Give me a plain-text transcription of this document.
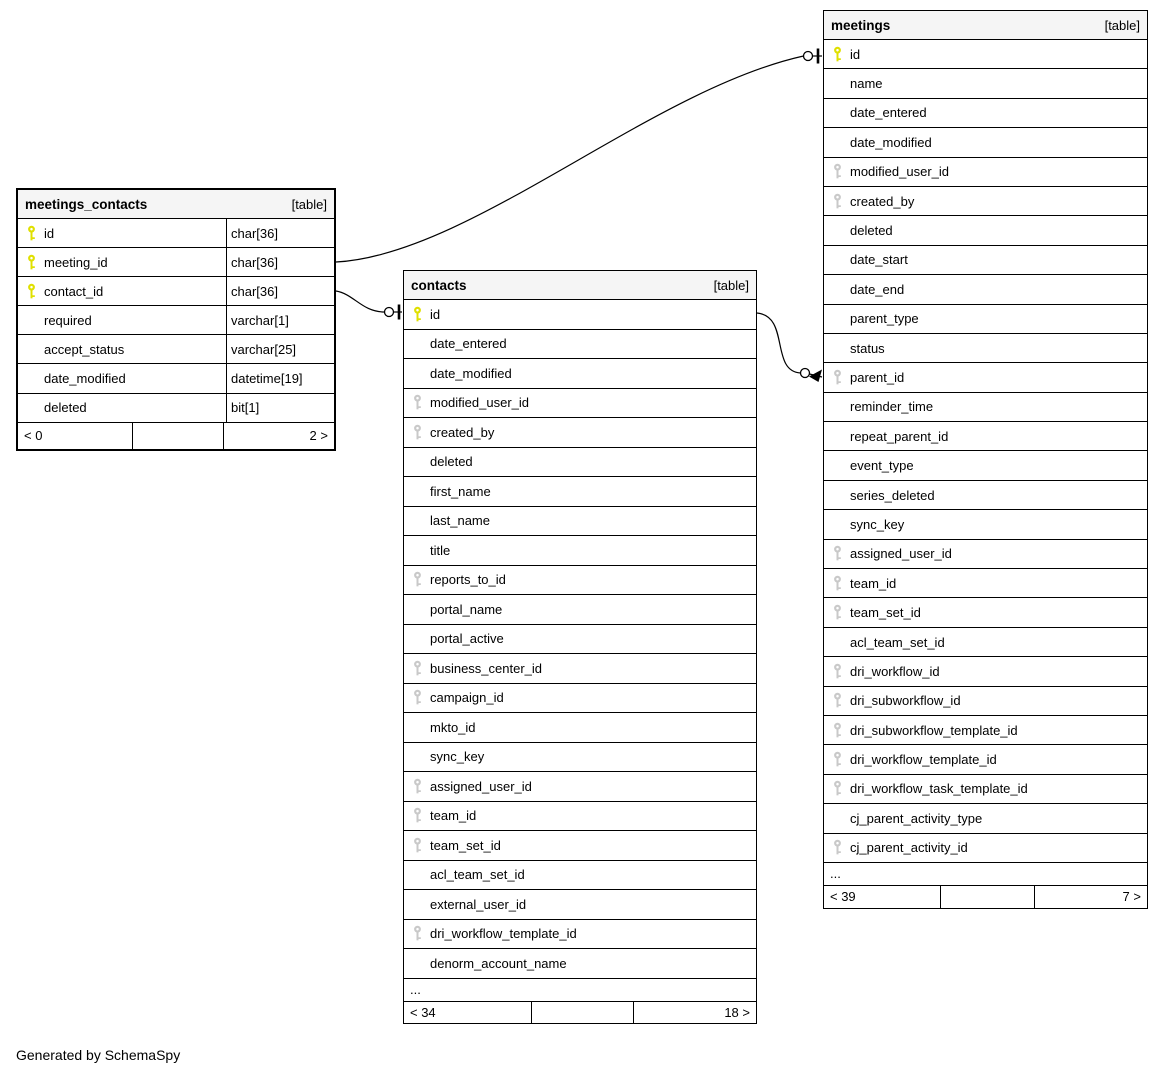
meetings_contacts	[table]
id	char[36]
meeting_id	char[36]
contact_id	char[36]
required	varchar[1]
accept_status	varchar[25]
date_modified	datetime[19]
deleted	bit[1]
< 0	2 >
contacts	[table]
id
date_entered
date_modified
modified_user_id
created_by
deleted
first_name
last_name
title
reports_to_id
portal_name
portal_active
business_center_id
campaign_id
mkto_id
sync_key
assigned_user_id
team_id
team_set_id
acl_team_set_id
external_user_id
dri_workflow_template_id
denorm_account_name
...
< 34	18 >
meetings	[table]
id
name
date_entered
date_modified
modified_user_id
created_by
deleted
date_start
date_end
parent_type
status
parent_id
reminder_time
repeat_parent_id
event_type
series_deleted
sync_key
assigned_user_id
team_id
team_set_id
acl_team_set_id
dri_workflow_id
dri_subworkflow_id
dri_subworkflow_template_id
dri_workflow_template_id
dri_workflow_task_template_id
cj_parent_activity_type
cj_parent_activity_id
...
< 39	7 >
Generated by SchemaSpy
